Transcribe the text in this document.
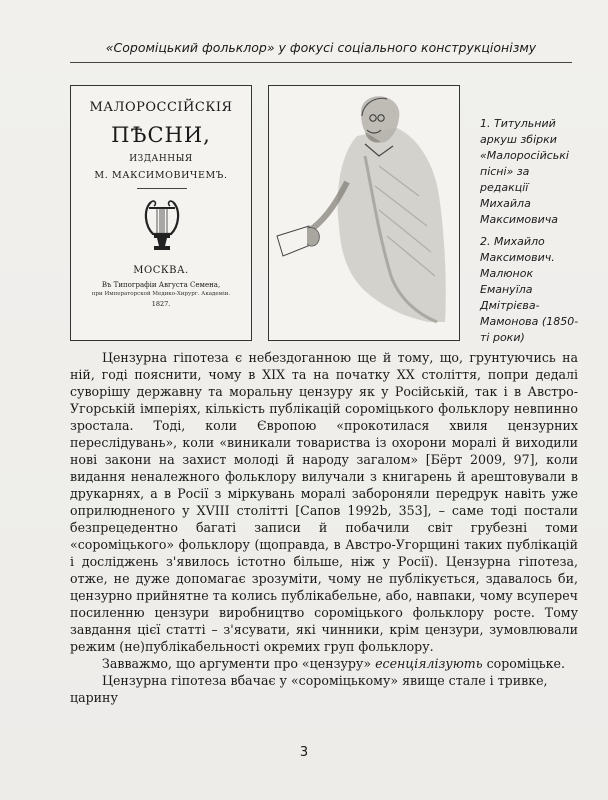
«Сороміцький фольклор» у фокусі соціального конструкціонізму
МАЛОРОССІЙСКІЯ
ПѢСНИ,
ИЗДАННЫЯ
М. МАКСИМОВИЧЕМЪ.
МОСКВА.
Въ Типографіи Августа Семена,
при Императорской Медико-Хирург. Академіи.
1827.

1. Титульний аркуш збірки «Малоросійські пісні» за редакції Михайла Максимовича

2. Михайло Максимович. Малюнок Емануїла Дмітрієва-Мамонова (1850-ті роки)

Цензурна гіпотеза є небездоганною ще й тому, що, грунтуючись на ній, годі пояснити, чому в XIX та на початку XX століття, попри дедалі суворішу державну та моральну цензуру як у Російській, так і в Австро-Угорській імперіях, кількість публікацій сороміцького фольклору невпинно зростала. Тоді, коли Європою «прокотилася хвиля цензурних переслідувань», коли «виникали товариства із охорони моралі й виходили нові закони на захист молоді й народу загалом» [Бёрт 2009, 97], коли видання неналежного фольклору вилучали з книгарень й арештовували в друкарнях, а в Росії з міркувань моралі забороняли передрук навіть уже оприлюдненого у XVIII столітті [Сапов 1992b, 353], – саме тоді постали безпрецедентно багаті записи й побачили світ грубезні томи «сороміцького» фольклору (щоправда, в Австро-Угорщині таких публікацій і досліджень з'явилось істотно більше, ніж у Росії). Цензурна гіпотеза, отже, не дуже допомагає зрозуміти, чому не публікується, здавалось би, цензурно прийнятне та колись публікабельне, або, навпаки, чому всупереч посиленню цензури виробництво сороміцького фольклору росте. Тому завдання цієї статті – з'ясувати, які чинники, крім цензури, зумовлювали режим (не)публікабельності окремих груп фольклору.

Завважмо, що аргументи про «цензуру» есенціялізують сороміцьке.

Цензурна гіпотеза вбачає у «сороміцькому» явище стале і тривке, царину

3
